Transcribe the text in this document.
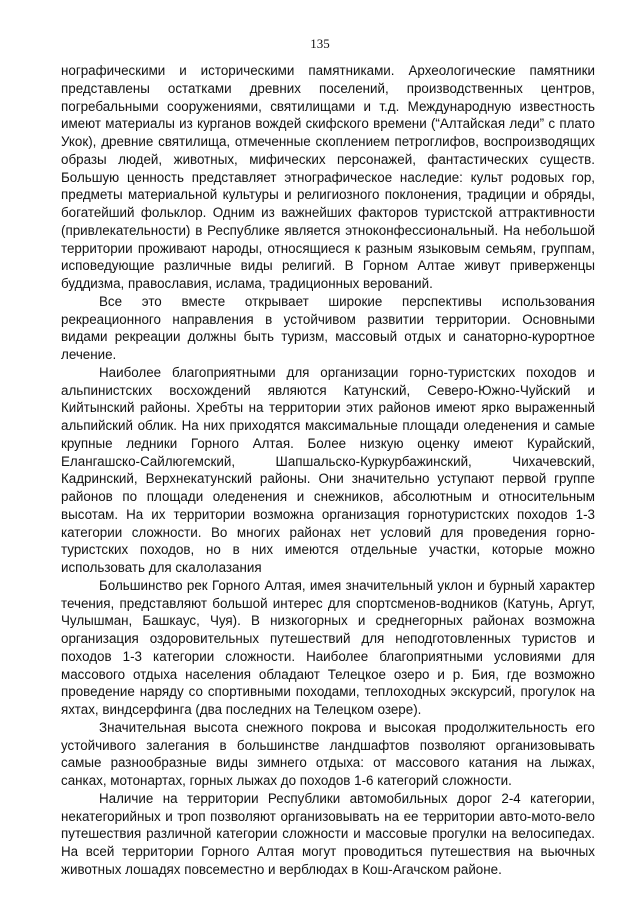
135

нографическими и историческими памятниками. Археологические памятники представлены остатками древних поселений, производственных центров, погребальными сооружениями, святилищами и т.д. Международную известность имеют материалы из курганов вождей скифского времени (“Алтайская леди” с плато Укок), древние святилища, отмеченные скоплением петроглифов, воспроизводящих образы людей, животных, мифических персонажей, фантастических существ. Большую ценность представляет этнографическое наследие: культ родовых гор, предметы материальной культуры и религиозного поклонения, традиции и обряды, богатейший фольклор. Одним из важнейших факторов туристской аттрактивности (привлекательности) в Республике является этноконфессиональный. На небольшой территории проживают народы, относящиеся к разным языковым семьям, группам, исповедующие различные виды религий. В Горном Алтае живут приверженцы буддизма, православия, ислама, традиционных верований.

Все это вместе открывает широкие перспективы использования рекреационного направления в устойчивом развитии территории. Основными видами рекреации должны быть туризм, массовый отдых и санаторно-курортное лечение.

Наиболее благоприятными для организации горно-туристских походов и альпинистских восхождений являются Катунский, Северо-Южно-Чуйский и Кийтынский районы. Хребты на территории этих районов имеют ярко выраженный альпийский облик. На них приходятся максимальные площади оледенения и самые крупные ледники Горного Алтая. Более низкую оценку имеют Курайский, Елангашско-Сайлюгемский, Шапшальско-Куркурбажинский, Чихачевский, Кадринский, Верхнекатунский районы. Они значительно уступают первой группе районов по площади оледенения и снежников, абсолютным и относительным высотам. На их территории возможна организация горнотуристских походов 1-3 категории сложности. Во многих районах нет условий для проведения горно-туристских походов, но в них имеются отдельные участки, которые можно использовать для скалолазания

Большинство рек Горного Алтая, имея значительный уклон и бурный характер течения, представляют большой интерес для спортсменов-водников (Катунь, Аргут, Чулышман, Башкаус, Чуя). В низкогорных и среднегорных районах возможна организация оздоровительных путешествий для неподготовленных туристов и походов 1-3 категории сложности. Наиболее благоприятными условиями для массового отдыха населения обладают Телецкое озеро и р. Бия, где возможно проведение наряду со спортивными походами, теплоходных экскурсий, прогулок на яхтах, виндсерфинга (два последних на Телецком озере).

Значительная высота снежного покрова и высокая продолжительность его устойчивого залегания в большинстве ландшафтов позволяют организовывать самые разнообразные виды зимнего отдыха: от массового катания на лыжах, санках, мотонартах, горных лыжах до походов 1-6 категорий сложности.

Наличие на территории Республики автомобильных дорог 2-4 категории, некатегорийных и троп позволяют организовывать на ее территории авто-мото-вело путешествия различной категории сложности и массовые прогулки на велосипедах. На всей территории Горного Алтая могут проводиться путешествия на вьючных животных лошадях повсеместно и верблюдах в Кош-Агачском районе.
